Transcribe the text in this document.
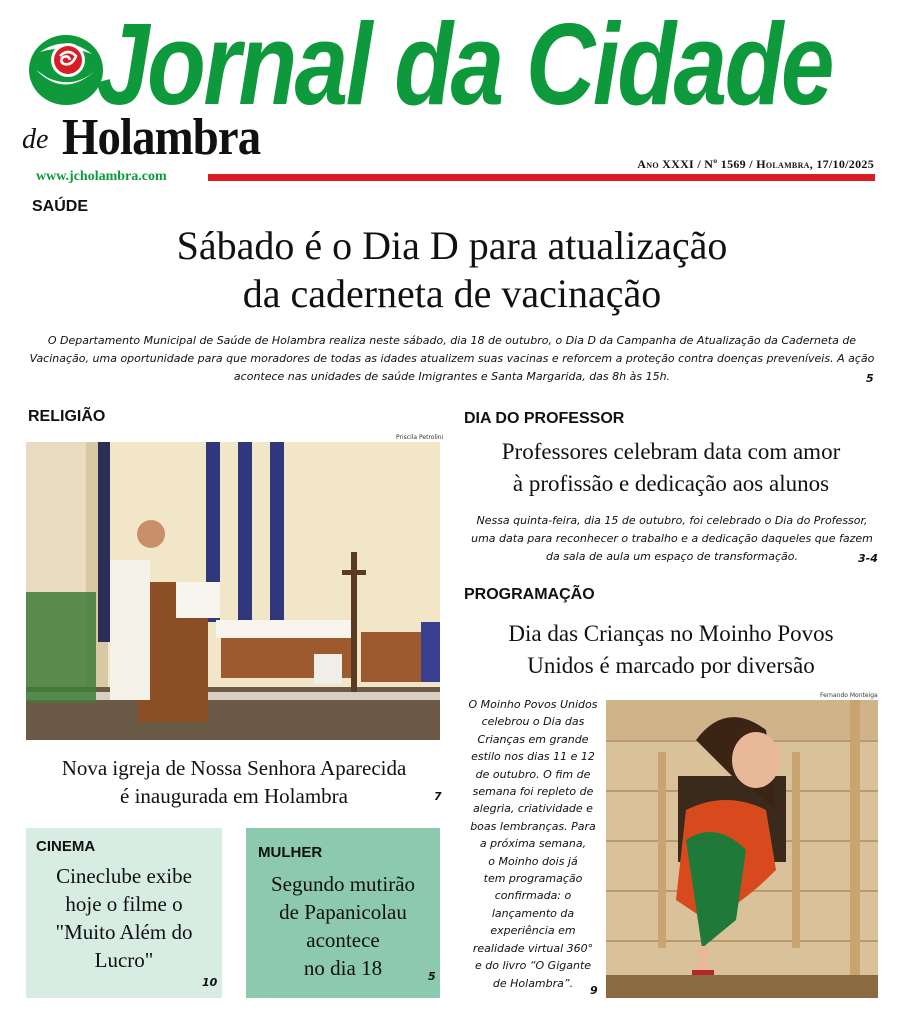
Jornal da Cidade
de Holambra
www.jcholambra.com
Ano XXXI / Nº 1569 / Holambra, 17/10/2025
SAÚDE
Sábado é o Dia D para atualização
da caderneta de vacinação
O Departamento Municipal de Saúde de Holambra realiza neste sábado, dia 18 de outubro, o Dia D da Campanha de Atualização da Caderneta de
Vacinação, uma oportunidade para que moradores de todas as idades atualizem suas vacinas e reforcem a proteção contra doenças preveníveis. A ação
acontece nas unidades de saúde Imigrantes e Santa Margarida, das 8h às 15h.	5
RELIGIÃO
Priscila Petrolini
Nova igreja de Nossa Senhora Aparecida
é inaugurada em Holambra	7
CINEMA
Cineclube exibe
hoje o filme o
"Muito Além do
Lucro"
10
MULHER
Segundo mutirão
de Papanicolau
acontece
no dia 18	5
DIA DO PROFESSOR
Professores celebram data com amor
à profissão e dedicação aos alunos
Nessa quinta-feira, dia 15 de outubro, foi celebrado o Dia do Professor,
uma data para reconhecer o trabalho e a dedicação daqueles que fazem
da sala de aula um espaço de transformação.	3-4
PROGRAMAÇÃO
Dia das Crianças no Moinho Povos
Unidos é marcado por diversão
O Moinho Povos Unidos
celebrou o Dia das
Crianças em grande
estilo nos dias 11 e 12
de outubro. O fim de
semana foi repleto de
alegria, criatividade e
boas lembranças. Para
a próxima semana,
o Moinho dois já
tem programação
confirmada: o
lançamento da
experiência em
realidade virtual 360°
e do livro “O Gigante
de Holambra”.
9
Fernando Monteiga
